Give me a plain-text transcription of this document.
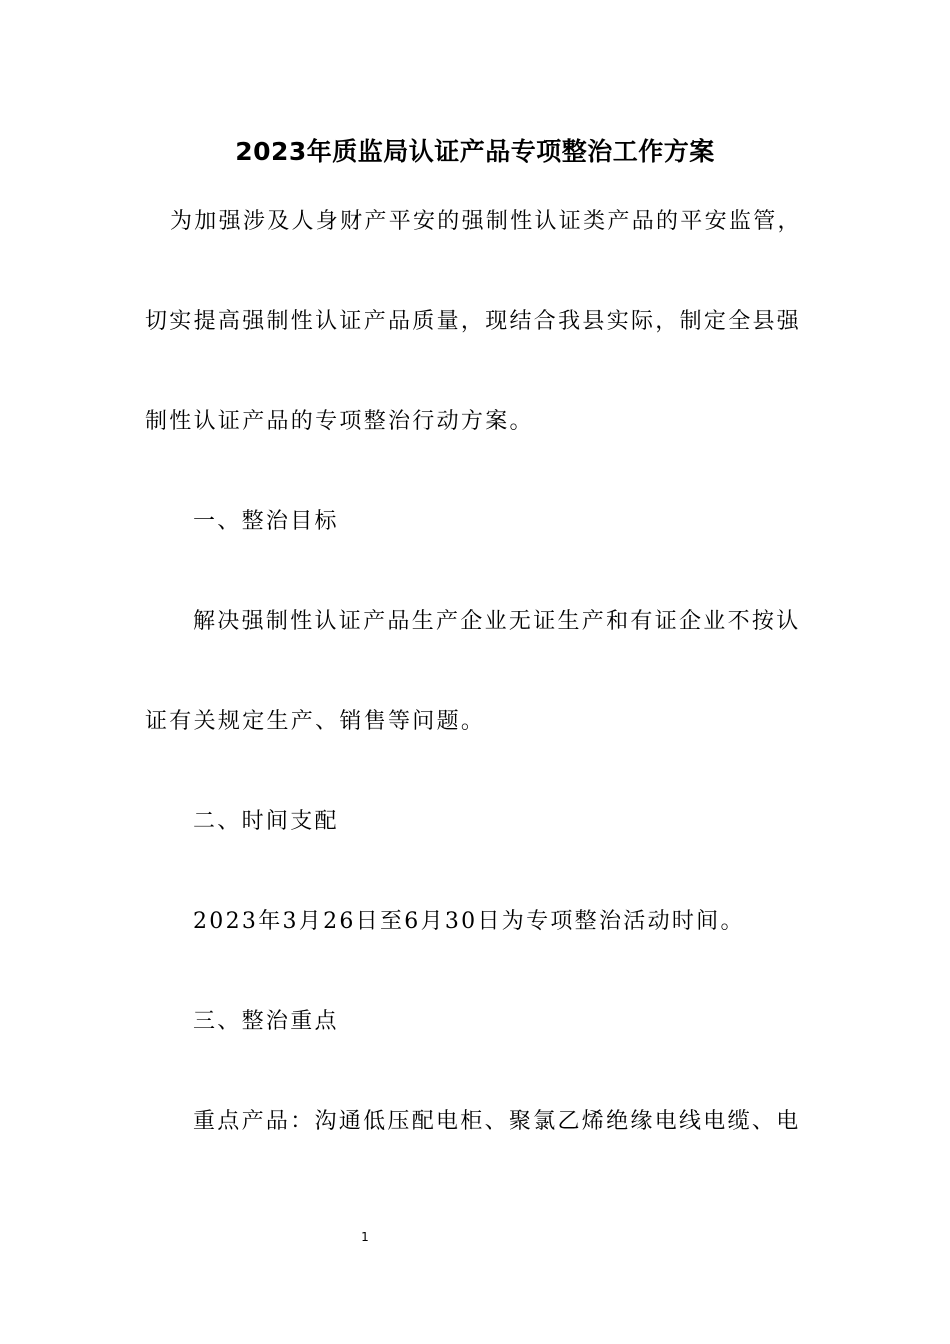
2023年质监局认证产品专项整治工作方案
为加强涉及人身财产平安的强制性认证类产品的平安监管，
切实提高强制性认证产品质量，现结合我县实际，制定全县强
制性认证产品的专项整治行动方案。
一、整治目标
解决强制性认证产品生产企业无证生产和有证企业不按认
证有关规定生产、销售等问题。
二、时间支配
2023年3月26日至6月30日为专项整治活动时间。
三、整治重点
重点产品：沟通低压配电柜、聚氯乙烯绝缘电线电缆、电
1
